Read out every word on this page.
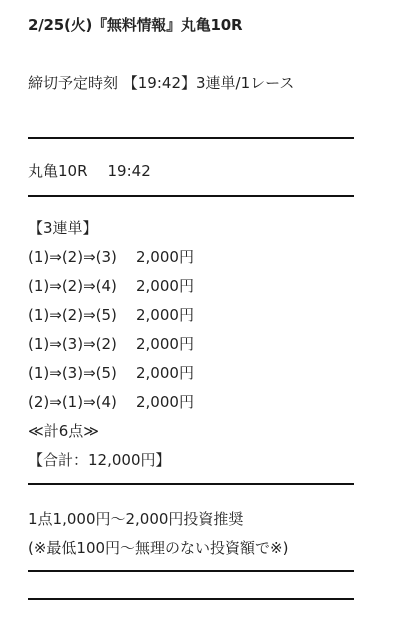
2/25(火)『無料情報』丸亀10R
締切予定時刻 【19:42】3連単/1レース
丸亀10R 19:42
【3連単】
(1)⇒(2)⇒(3) 2,000円
(1)⇒(2)⇒(4) 2,000円
(1)⇒(2)⇒(5) 2,000円
(1)⇒(3)⇒(2) 2,000円
(1)⇒(3)⇒(5) 2,000円
(2)⇒(1)⇒(4) 2,000円
≪計6点≫
【合計：12,000円】
1点1,000円〜2,000円投資推奨
(※最低100円〜無理のない投資額で※)
